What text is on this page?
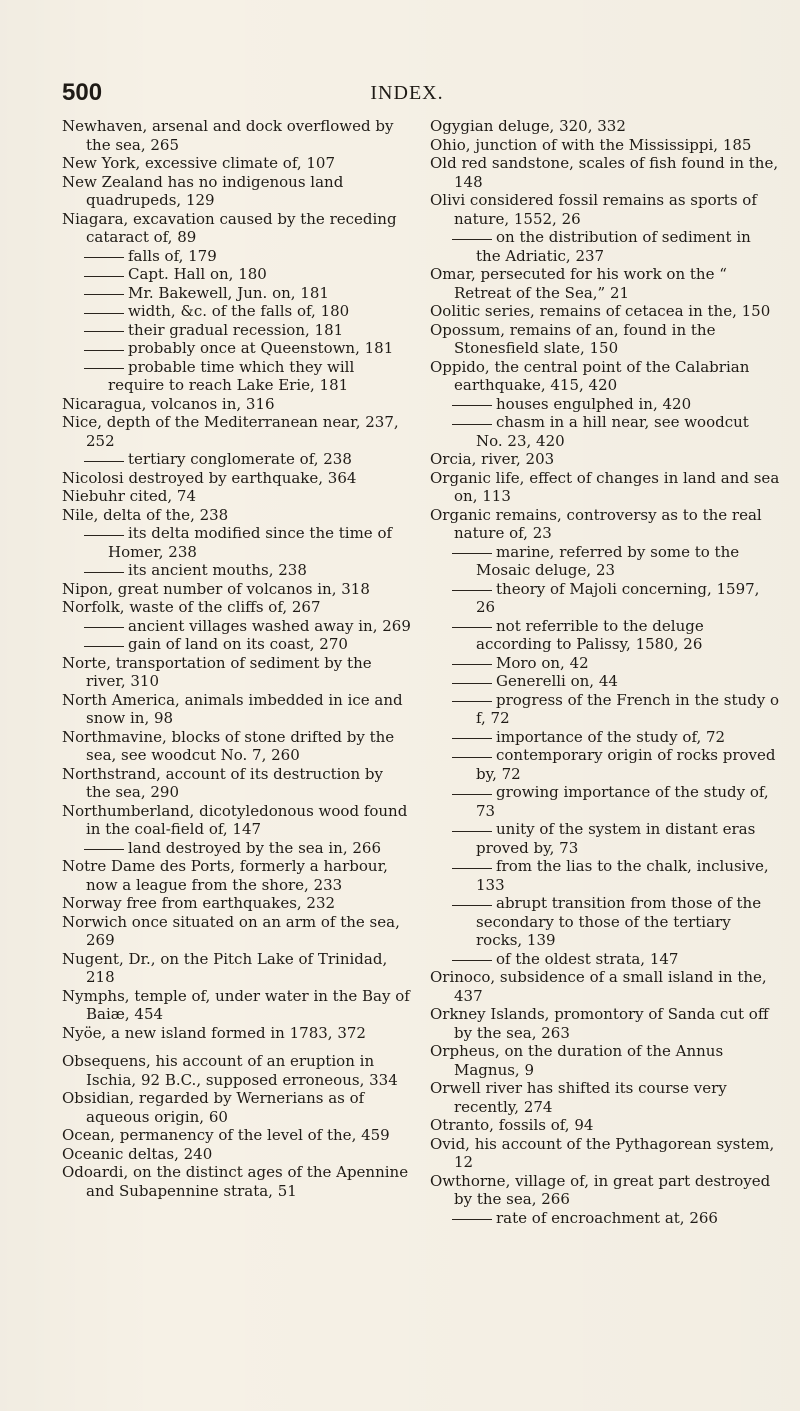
500	INDEX.
Newhaven, arsenal and dock overflowed by the sea, 265
New York, excessive climate of, 107
New Zealand has no indigenous land quadrupeds, 129
Niagara, excavation caused by the receding cataract of, 89
falls of, 179
Capt. Hall on, 180
Mr. Bakewell, Jun. on, 181
width, &c. of the falls of, 180
their gradual recession, 181
probably once at Queenstown, 181
probable time which they will require to reach Lake Erie, 181
Nicaragua, volcanos in, 316
Nice, depth of the Mediterranean near, 237, 252
tertiary conglomerate of, 238
Nicolosi destroyed by earthquake, 364
Niebuhr cited, 74
Nile, delta of the, 238
its delta modified since the time of Homer, 238
its ancient mouths, 238
Nipon, great number of volcanos in, 318
Norfolk, waste of the cliffs of, 267
ancient villages washed away in, 269
gain of land on its coast, 270
Norte, transportation of sediment by the river, 310
North America, animals imbedded in ice and snow in, 98
Northmavine, blocks of stone drifted by the sea, see woodcut No. 7, 260
Northstrand, account of its destruction by the sea, 290
Northumberland, dicotyledonous wood found in the coal-field of, 147
land destroyed by the sea in, 266
Notre Dame des Ports, formerly a harbour, now a league from the shore, 233
Norway free from earthquakes, 232
Norwich once situated on an arm of the sea, 269
Nugent, Dr., on the Pitch Lake of Trinidad, 218
Nymphs, temple of, under water in the Bay of Baiæ, 454
Nyöe, a new island formed in 1783, 372
Obsequens, his account of an eruption in Ischia, 92 B.C., supposed erroneous, 334
Obsidian, regarded by Wernerians as of aqueous origin, 60
Ocean, permanency of the level of the, 459
Oceanic deltas, 240
Odoardi, on the distinct ages of the Apennine and Subapennine strata, 51
Ogygian deluge, 320, 332
Ohio, junction of with the Mississippi, 185
Old red sandstone, scales of fish found in the, 148
Olivi considered fossil remains as sports of nature, 1552, 26
on the distribution of sediment in the Adriatic, 237
Omar, persecuted for his work on the “ Retreat of the Sea,” 21
Oolitic series, remains of cetacea in the, 150
Opossum, remains of an, found in the Stonesfield slate, 150
Oppido, the central point of the Calabrian earthquake, 415, 420
houses engulphed in, 420
chasm in a hill near, see woodcut No. 23, 420
Orcia, river, 203
Organic life, effect of changes in land and sea on, 113
Organic remains, controversy as to the real nature of, 23
marine, referred by some to the Mosaic deluge, 23
theory of Majoli concerning, 1597, 26
not referrible to the deluge according to Palissy, 1580, 26
Moro on, 42
Generelli on, 44
progress of the French in the study o f, 72
importance of the study of, 72
contemporary origin of rocks proved by, 72
growing importance of the study of, 73
unity of the system in distant eras proved by, 73
from the lias to the chalk, inclusive, 133
abrupt transition from those of the secondary to those of the tertiary rocks, 139
of the oldest strata, 147
Orinoco, subsidence of a small island in the, 437
Orkney Islands, promontory of Sanda cut off by the sea, 263
Orpheus, on the duration of the Annus Magnus, 9
Orwell river has shifted its course very recently, 274
Otranto, fossils of, 94
Ovid, his account of the Pythagorean system, 12
Owthorne, village of, in great part destroyed by the sea, 266
rate of encroachment at, 266
